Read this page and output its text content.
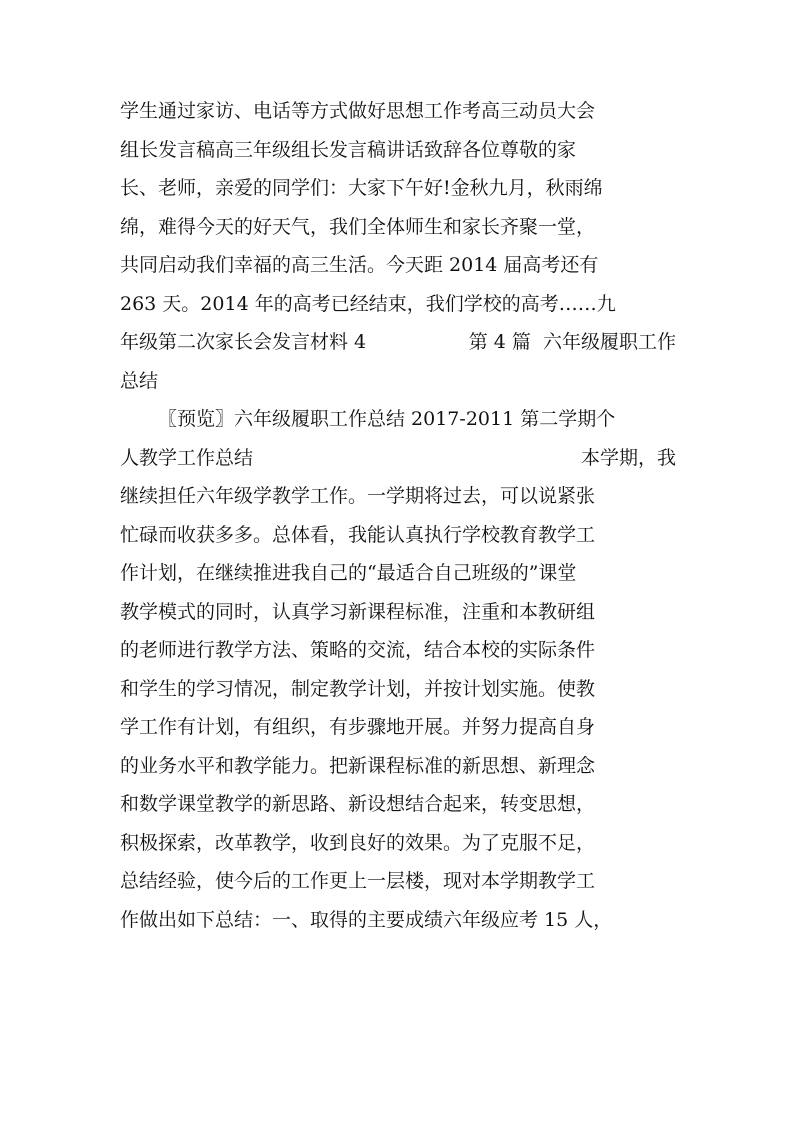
学生通过家访、电话等方式做好思想工作考高三动员大会
组长发言稿高三年级组长发言稿讲话致辞各位尊敬的家
长、老师，亲爱的同学们：大家下午好!金秋九月，秋雨绵
绵，难得今天的好天气，我们全体师生和家长齐聚一堂，
共同启动我们幸福的高三生活。今天距 2014 届高考还有
263 天。2014 年的高考已经结束，我们学校的高考……九
年级第二次家长会发言材料 4	第 4 篇  六年级履职工作
总结
〖预览〗六年级履职工作总结 2017-2011 第二学期个
人教学工作总结	本学期，我
继续担任六年级学教学工作。一学期将过去，可以说紧张
忙碌而收获多多。总体看，我能认真执行学校教育教学工
作计划，在继续推进我自己的“最适合自己班级的”课堂
教学模式的同时，认真学习新课程标准，注重和本教研组
的老师进行教学方法、策略的交流，结合本校的实际条件
和学生的学习情况，制定教学计划，并按计划实施。使教
学工作有计划，有组织，有步骤地开展。并努力提高自身
的业务水平和教学能力。把新课程标准的新思想、新理念
和数学课堂教学的新思路、新设想结合起来，转变思想，
积极探索，改革教学，收到良好的效果。为了克服不足，
总结经验，使今后的工作更上一层楼，现对本学期教学工
作做出如下总结：一、取得的主要成绩六年级应考 15 人，
